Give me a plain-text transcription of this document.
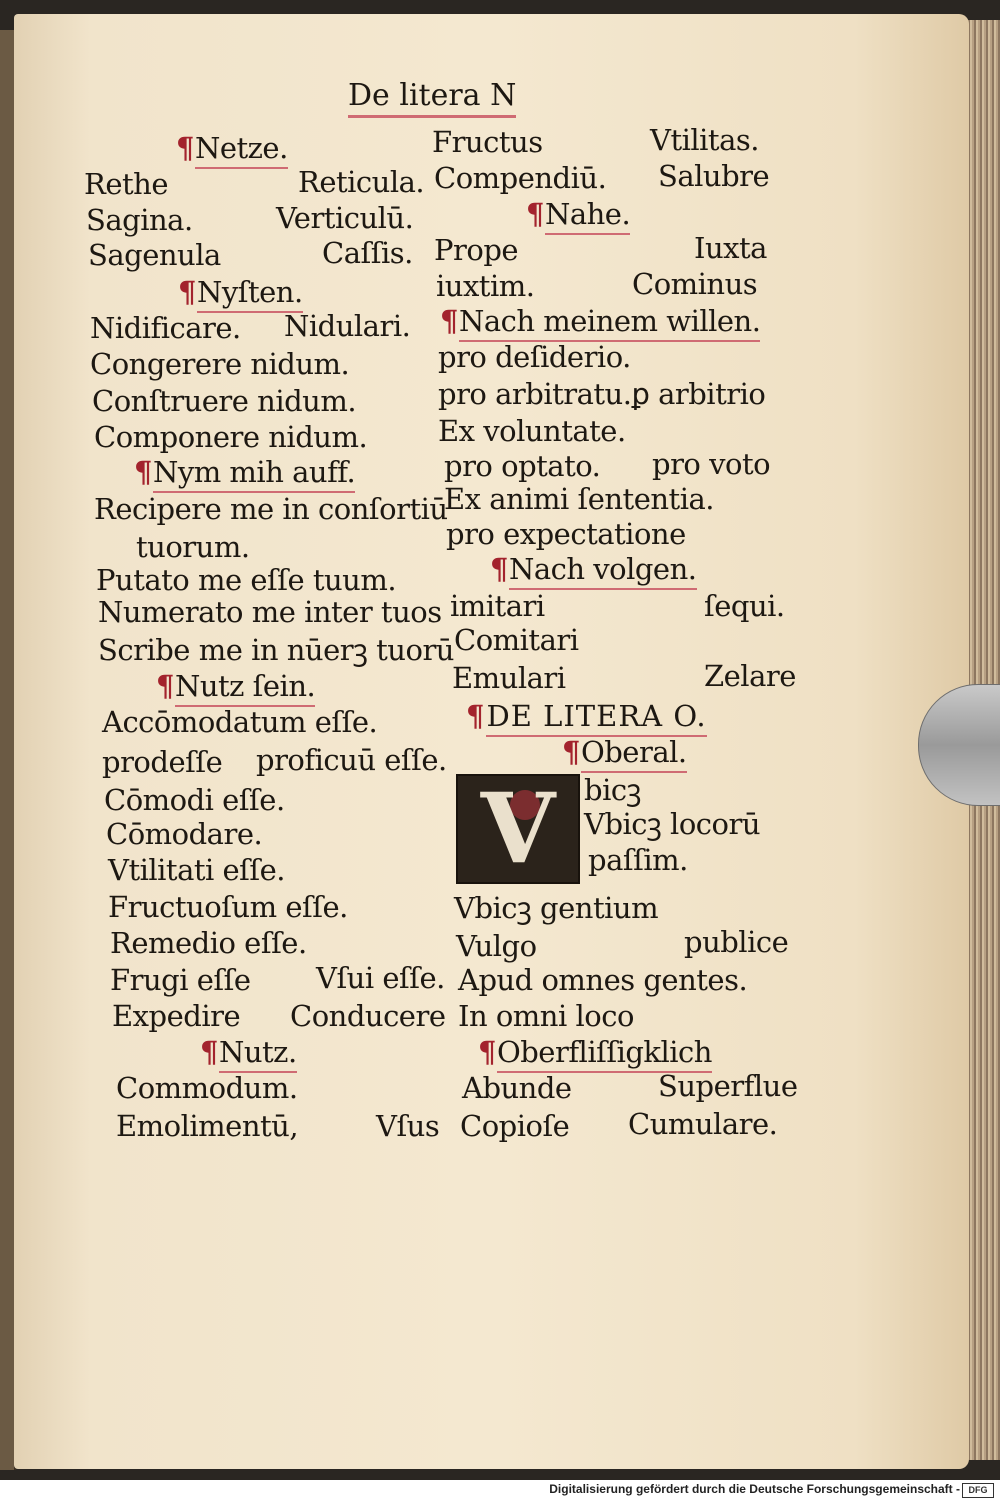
De litera N
¶Netze.
Rethe	Reticula.
Sagina.	Verticulū.
Sagenula	Caſſis.
¶Nyſten.
Nidificare. Nidulari.
Congerere nidum.
Conſtruere nidum.
Componere nidum.
¶Nym mih auff.
Recipere me in conſortiū
tuorum.
Putato me eſſe tuum.
Numerato me inter tuos
Scribe me in nūerꝫ tuorū
¶Nutz ſein.
Accōmodatum eſſe.
prodeſſe proficuū eſſe.
Cōmodi eſſe.
Cōmodare.
Vtilitati eſſe.
Fructuoſum eſſe.
Remedio eſſe.
Frugi eſſe Vſui eſſe.
Expedire Conducere
¶Nutz.
Commodum.
Emolimentū,	Vſus
Fructus	Vtilitas.
Compendiū. Salubre
¶Nahe.
Prope	Iuxta
iuxtim.	Cominus
¶Nach meinem willen.
pro deſiderio.
pro arbitratu.ꝑ arbitrio
Ex voluntate.
pro optato. pro voto
Ex animi ſententia.
pro expectatione
¶Nach volgen.
imitari	ſequi.
Comitari
Emulari	Zelare
¶DE LITERA O.
¶Oberal.
V bicꝫ
Vbicꝫ locorū
paſſim.
Vbicꝫ gentium
Vulgo	publice
Apud omnes gentes.
In omni loco
¶Oberfliſſigklich
Abunde	Superflue
Copioſe Cumulare.
Digitalisierung gefördert durch die Deutsche Forschungsgemeinschaft - DFG
